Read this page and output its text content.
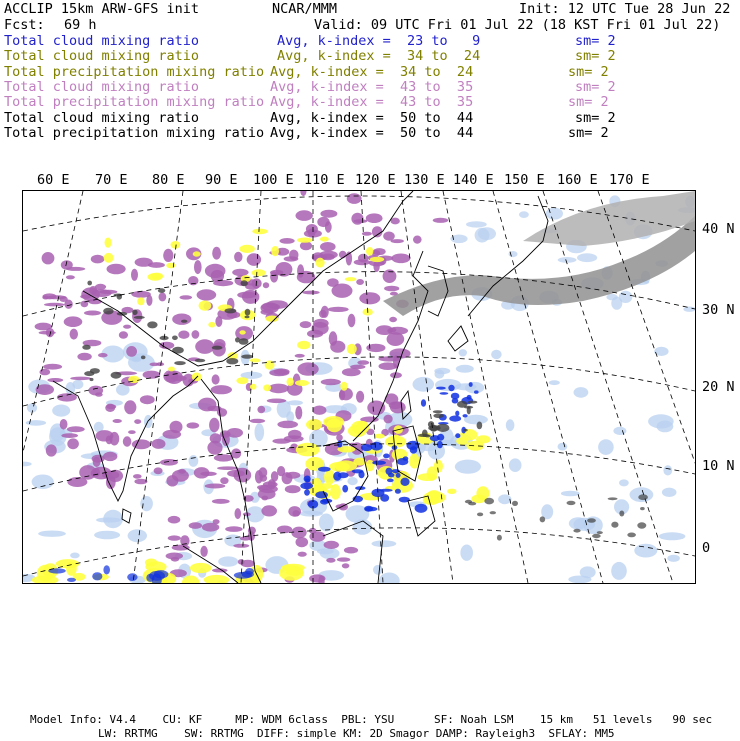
ACCLIP 15km ARW-GFS init	NCAR/MMM	Init: 12 UTC Tue 28 Jun 22
Fcst: 69 h	Valid: 09 UTC Fri 01 Jul 22 (18 KST Fri 01 Jul 22)
Total cloud mixing ratio	Avg, k-index =  23 to   9	sm= 2
Total cloud mixing ratio	Avg, k-index =  34 to  24	sm= 2
Total precipitation mixing ratio Avg, k-index =  34 to  24	sm= 2
Total cloud mixing ratio	Avg, k-index =  43 to  35	sm= 2
Total precipitation mixing ratio Avg, k-index =  43 to  35	sm= 2
Total cloud mixing ratio	Avg, k-index =  50 to  44	sm= 2
Total precipitation mixing ratio Avg, k-index =  50 to  44	sm= 2
60 E 70 E 80 E 90 E 100 E 110 E 120 E 130 E 140 E 150 E 160 E 170 E
40 N
30 N
20 N
10 N
0
Model Info: V4.4    CU: KF     MP: WDM 6class  PBL: YSU      SF: Noah LSM    15 km   51 levels   90 sec
LW: RRTMG    SW: RRTMG  DIFF: simple KM: 2D Smagor DAMP: Rayleigh3  SFLAY: MM5
